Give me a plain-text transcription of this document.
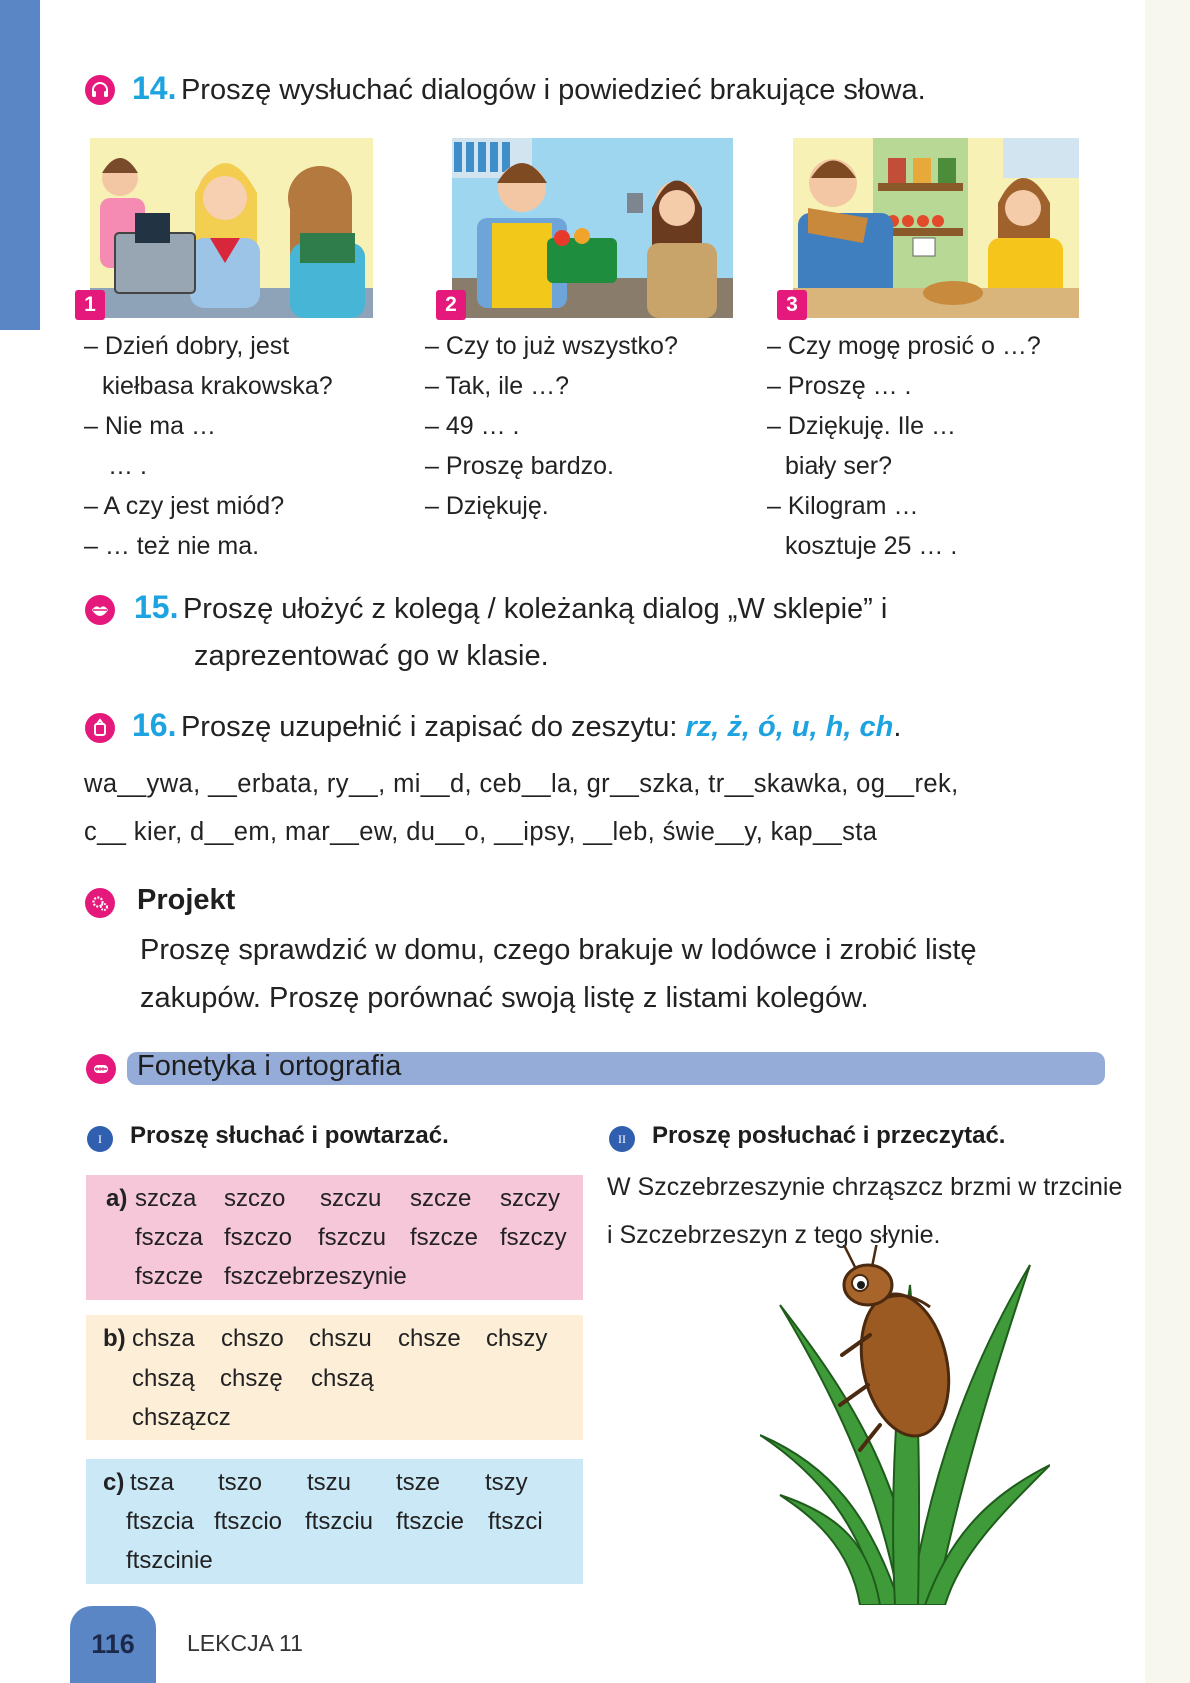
14. Proszę wysłuchać dialogów i powiedzieć brakujące słowa.
1	2	3
– Dzień dobry, jest
kiełbasa krakowska?
– Nie ma …
… .
– A czy jest miód?
– … też nie ma.
– Czy to już wszystko?
– Tak, ile …?
– 49 … .
– Proszę bardzo.
– Dziękuję.
– Czy mogę prosić o …?
– Proszę … .
– Dziękuję. Ile …
biały ser?
– Kilogram …
kosztuje 25 … .
15. Proszę ułożyć z kolegą / koleżanką dialog „W sklepie” i
zaprezentować go w klasie.
16. Proszę uzupełnić i zapisać do zeszytu: rz, ż, ó, u, h, ch.
wa__ywa, __erbata, ry__, mi__d, ceb__la, gr__szka, tr__skawka, og__rek,
c__ kier, d__em, mar__ew, du__o, __ipsy, __leb, świe__y, kap__sta
Projekt
Proszę sprawdzić w domu, czego brakuje w lodówce i zrobić listę
zakupów. Proszę porównać swoją listę z listami kolegów.
Fonetyka i ortografia
I	Proszę słuchać i powtarzać.
a) szcza szczo szczu szcze szczy
fszcza fszczo fszczu fszcze fszczy
fszcze fszczebrzeszynie
b) chsza chszo chszu chsze chszy
chszą chszę chszą
chszązcz
c) tsza tszo tszu tsze tszy
ftszcia ftszcio ftszciu ftszcie ftszci
ftszcinie
II	Proszę posłuchać i przeczytać.
W Szczebrzeszynie chrząszcz brzmi w trzcinie
i Szczebrzeszyn z tego słynie.
116	LEKCJA 11
